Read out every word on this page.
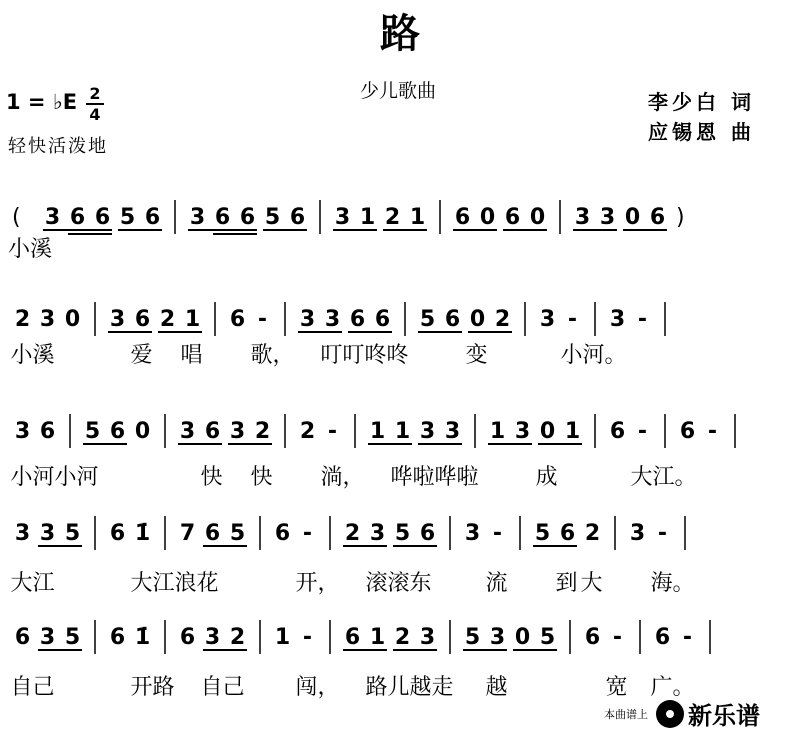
路
少儿歌曲	李少白 词
应锡恩 曲
1 = ♭E 2
4
轻快活泼地
( 3 6 6 5 6 3 6 6 5 6 3 1 2 1 6 0 6 0 3 3 0 6 )
小溪
2 3 0 3 6 2 1 6 - 3 3 6 6 5 6 0 2 3 - 3 -
小溪	爱 唱 歌， 叮叮咚咚	变	小河。
3 6 5 6 0 3 6 3 2 2 - 1 1 3 3 1 3 0 1 6 - 6 -
小河小河	快 快 淌， 哗啦哗啦	成	大江。
3 3 5 6 1̇ 7 6 5 6 - 2 3 5 6 3 - 5 6 2 3 -
大江	大江浪花	开， 滚滚东 流 到 大 海。
6 3 5 6 1̇ 6 3 2 1 - 6 1 2 3 5 3 0 5 6 - 6 -
自己	开路 自己 闯， 路儿越走 越	宽 广。
本曲谱上 新乐谱
